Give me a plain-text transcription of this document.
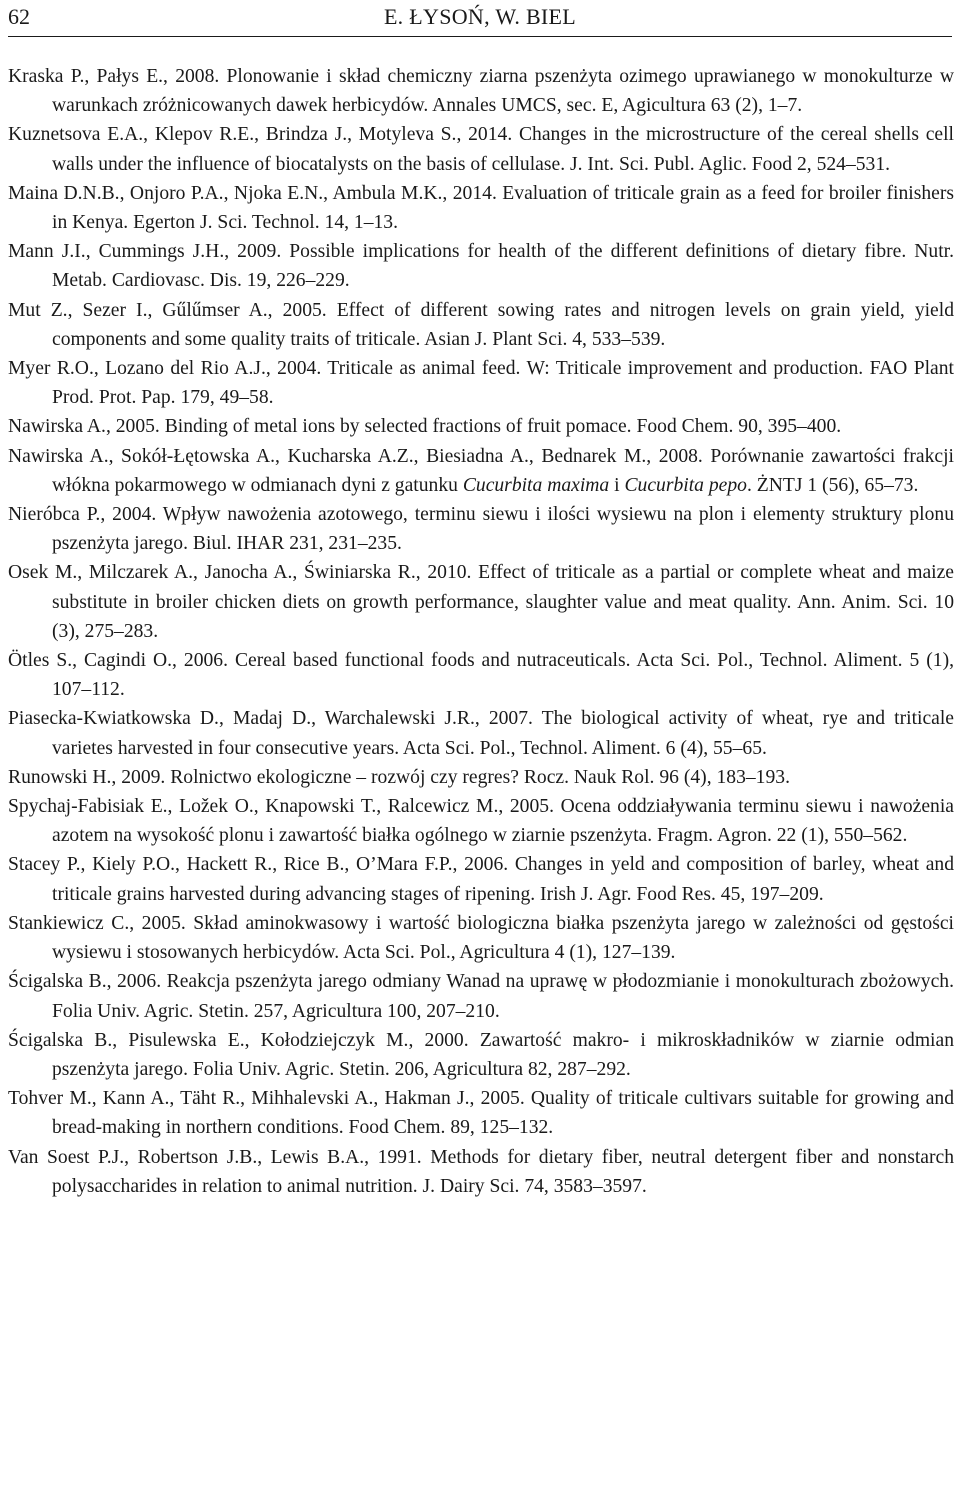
62	E. ŁYSOŃ, W. BIEL
Kraska P., Pałys E., 2008. Plonowanie i skład chemiczny ziarna pszenżyta ozimego uprawianego w monokulturze w warunkach zróżnicowanych dawek herbicydów. Annales UMCS, sec. E, Agicultura 63 (2), 1–7.
Kuznetsova E.A., Klepov R.E., Brindza J., Motyleva S., 2014. Changes in the microstructure of the cereal shells cell walls under the influence of biocatalysts on the basis of cellulase. J. Int. Sci. Publ. Aglic. Food 2, 524–531.
Maina D.N.B., Onjoro P.A., Njoka E.N., Ambula M.K., 2014. Evaluation of triticale grain as a feed for broiler finishers in Kenya. Egerton J. Sci. Technol. 14, 1–13.
Mann J.I., Cummings J.H., 2009. Possible implications for health of the different definitions of dietary fibre. Nutr. Metab. Cardiovasc. Dis. 19, 226–229.
Mut Z., Sezer I., Gűlűmser A., 2005. Effect of different sowing rates and nitrogen levels on grain yield, yield components and some quality traits of triticale. Asian J. Plant Sci. 4, 533–539.
Myer R.O., Lozano del Rio A.J., 2004. Triticale as animal feed. W: Triticale improvement and production. FAO Plant Prod. Prot. Pap. 179, 49–58.
Nawirska A., 2005. Binding of metal ions by selected fractions of fruit pomace. Food Chem. 90, 395–400.
Nawirska A., Sokół-Łętowska A., Kucharska A.Z., Biesiadna A., Bednarek M., 2008. Porównanie zawartości frakcji włókna pokarmowego w odmianach dyni z gatunku Cucurbita maxima i Cucurbita pepo. ŻNTJ 1 (56), 65–73.
Nieróbca P., 2004. Wpływ nawożenia azotowego, terminu siewu i ilości wysiewu na plon i elementy struktury plonu pszenżyta jarego. Biul. IHAR 231, 231–235.
Osek M., Milczarek A., Janocha A., Świniarska R., 2010. Effect of triticale as a partial or complete wheat and maize substitute in broiler chicken diets on growth performance, slaughter value and meat quality. Ann. Anim. Sci. 10 (3), 275–283.
Ötles S., Cagindi O., 2006. Cereal based functional foods and nutraceuticals. Acta Sci. Pol., Technol. Aliment. 5 (1), 107–112.
Piasecka-Kwiatkowska D., Madaj D., Warchalewski J.R., 2007. The biological activity of wheat, rye and triticale varietes harvested in four consecutive years. Acta Sci. Pol., Technol. Aliment. 6 (4), 55–65.
Runowski H., 2009. Rolnictwo ekologiczne – rozwój czy regres? Rocz. Nauk Rol. 96 (4), 183–193.
Spychaj-Fabisiak E., Ložek O., Knapowski T., Ralcewicz M., 2005. Ocena oddziaływania terminu siewu i nawożenia azotem na wysokość plonu i zawartość białka ogólnego w ziarnie pszenżyta. Fragm. Agron. 22 (1), 550–562.
Stacey P., Kiely P.O., Hackett R., Rice B., O’Mara F.P., 2006. Changes in yeld and composition of barley, wheat and triticale grains harvested during advancing stages of ripening. Irish J. Agr. Food Res. 45, 197–209.
Stankiewicz C., 2005. Skład aminokwasowy i wartość biologiczna białka pszenżyta jarego w zależności od gęstości wysiewu i stosowanych herbicydów. Acta Sci. Pol., Agricultura 4 (1), 127–139.
Ścigalska B., 2006. Reakcja pszenżyta jarego odmiany Wanad na uprawę w płodozmianie i monokulturach zbożowych. Folia Univ. Agric. Stetin. 257, Agricultura 100, 207–210.
Ścigalska B., Pisulewska E., Kołodziejczyk M., 2000. Zawartość makro- i mikroskładników w ziarnie odmian pszenżyta jarego. Folia Univ. Agric. Stetin. 206, Agricultura 82, 287–292.
Tohver M., Kann A., Täht R., Mihhalevski A., Hakman J., 2005. Quality of triticale cultivars suitable for growing and bread-making in northern conditions. Food Chem. 89, 125–132.
Van Soest P.J., Robertson J.B., Lewis B.A., 1991. Methods for dietary fiber, neutral detergent fiber and nonstarch polysaccharides in relation to animal nutrition. J. Dairy Sci. 74, 3583–3597.
